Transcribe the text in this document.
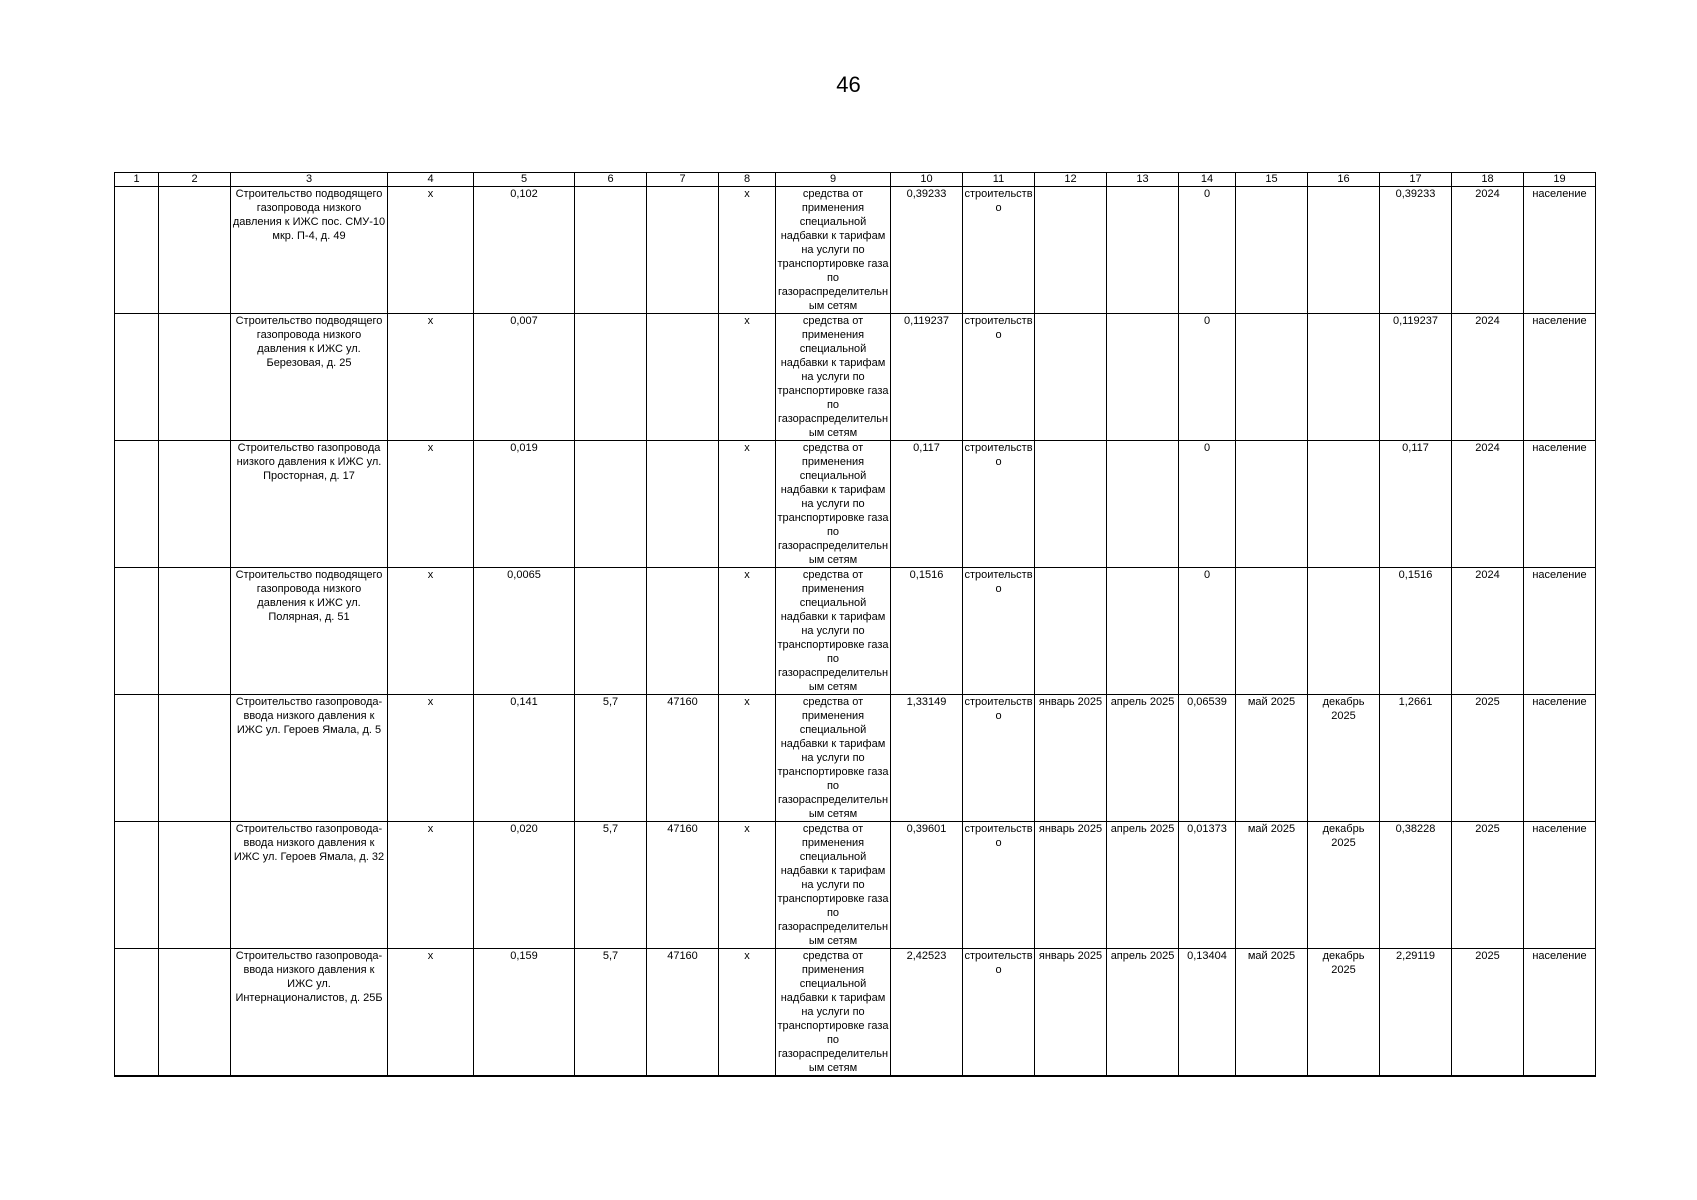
46
1	2	3	4	5	6	7	8	9	10	11	12	13	14	15	16	17	18	19
		Строительство подводящего газопровода низкого давления к ИЖС пос. СМУ-10 мкр. П-4, д. 49	х	0,102			х	средства от применения специальной надбавки к тарифам на услуги по транспортировке газа по газораспределительным сетям	0,39233	строительство			0			0,39233	2024	население
		Строительство подводящего газопровода низкого давления к ИЖС ул. Березовая, д. 25	х	0,007			х	средства от применения специальной надбавки к тарифам на услуги по транспортировке газа по газораспределительным сетям	0,119237	строительство			0			0,119237	2024	население
		Строительство газопровода низкого давления к ИЖС ул. Просторная, д. 17	х	0,019			х	средства от применения специальной надбавки к тарифам на услуги по транспортировке газа по газораспределительным сетям	0,117	строительство			0			0,117	2024	население
		Строительство подводящего газопровода низкого давления к ИЖС ул. Полярная, д. 51	х	0,0065			х	средства от применения специальной надбавки к тарифам на услуги по транспортировке газа по газораспределительным сетям	0,1516	строительство			0			0,1516	2024	население
		Строительство газопровода-ввода низкого давления к ИЖС ул. Героев Ямала, д. 5	х	0,141	5,7	47160	х	средства от применения специальной надбавки к тарифам на услуги по транспортировке газа по газораспределительным сетям	1,33149	строительство	январь 2025	апрель 2025	0,06539	май 2025	декабрь 2025	1,2661	2025	население
		Строительство газопровода-ввода низкого давления к ИЖС ул. Героев Ямала, д. 32	х	0,020	5,7	47160	х	средства от применения специальной надбавки к тарифам на услуги по транспортировке газа по газораспределительным сетям	0,39601	строительство	январь 2025	апрель 2025	0,01373	май 2025	декабрь 2025	0,38228	2025	население
		Строительство газопровода-ввода низкого давления к ИЖС ул. Интернационалистов, д. 25Б	х	0,159	5,7	47160	х	средства от применения специальной надбавки к тарифам на услуги по транспортировке газа по газораспределительным сетям	2,42523	строительство	январь 2025	апрель 2025	0,13404	май 2025	декабрь 2025	2,29119	2025	население
